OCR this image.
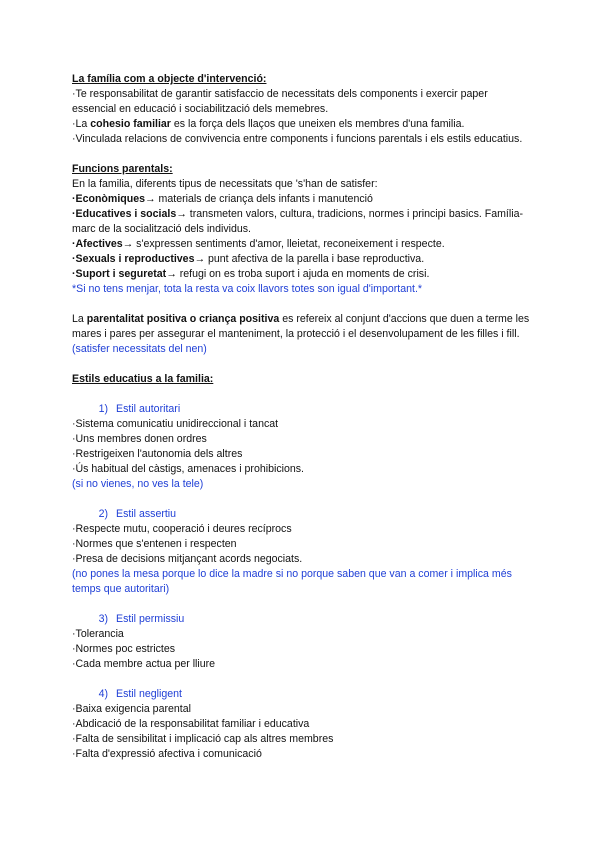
La família com a objecte d'intervenció:
·Te responsabilitat de garantir satisfaccio de necessitats dels components i exercir paper essencial en educació i sociabilització dels memebres.
·La cohesio familiar es la força dels llaços que uneixen els membres d'una familia.
·Vinculada relacions de convivencia entre components i funcions parentals i els estils educatius.
Funcions parentals:
En la familia, diferents tipus de necessitats que 's'han de satisfer:
·Econòmiques→ materials de criança dels infants i manutenció
·Educatives i socials→ transmeten valors, cultura, tradicions, normes i principi basics. Família-marc de la socialització dels individus.
·Afectives→ s'expressen sentiments d'amor, lleietat, reconeixement i respecte.
·Sexuals i reproductives→ punt afectiva de la parella i base reproductiva.
·Suport i seguretat→ refugi on es troba suport i ajuda en moments de crisi.
*Si no tens menjar, tota la resta va coix llavors totes son igual d'important.*
La parentalitat positiva o criança positiva es refereix al conjunt d'accions que duen a terme les mares i pares per assegurar el manteniment, la protecció i el desenvolupament de les filles i fill. (satisfer necessitats del nen)
Estils educatius a la familia:
1) Estil autoritari
·Sistema comunicatiu unidireccional i tancat
·Uns membres donen ordres
·Restrigeixen l'autonomia dels altres
·Ús habitual del càstigs, amenaces i prohibicions.
(si no vienes, no ves la tele)
2) Estil assertiu
·Respecte mutu, cooperació i deures recíprocs
·Normes que s'entenen i respecten
·Presa de decisions mitjançant acords negociats.
(no pones la mesa porque lo dice la madre si no porque saben que van a comer i implica més temps que autoritari)
3) Estil permissiu
·Tolerancia
·Normes poc estrictes
·Cada membre actua per lliure
4) Estil negligent
·Baixa exigencia parental
·Abdicació de la responsabilitat familiar i educativa
·Falta de sensibilitat i implicació cap als altres membres
·Falta d'expressió afectiva i comunicació
